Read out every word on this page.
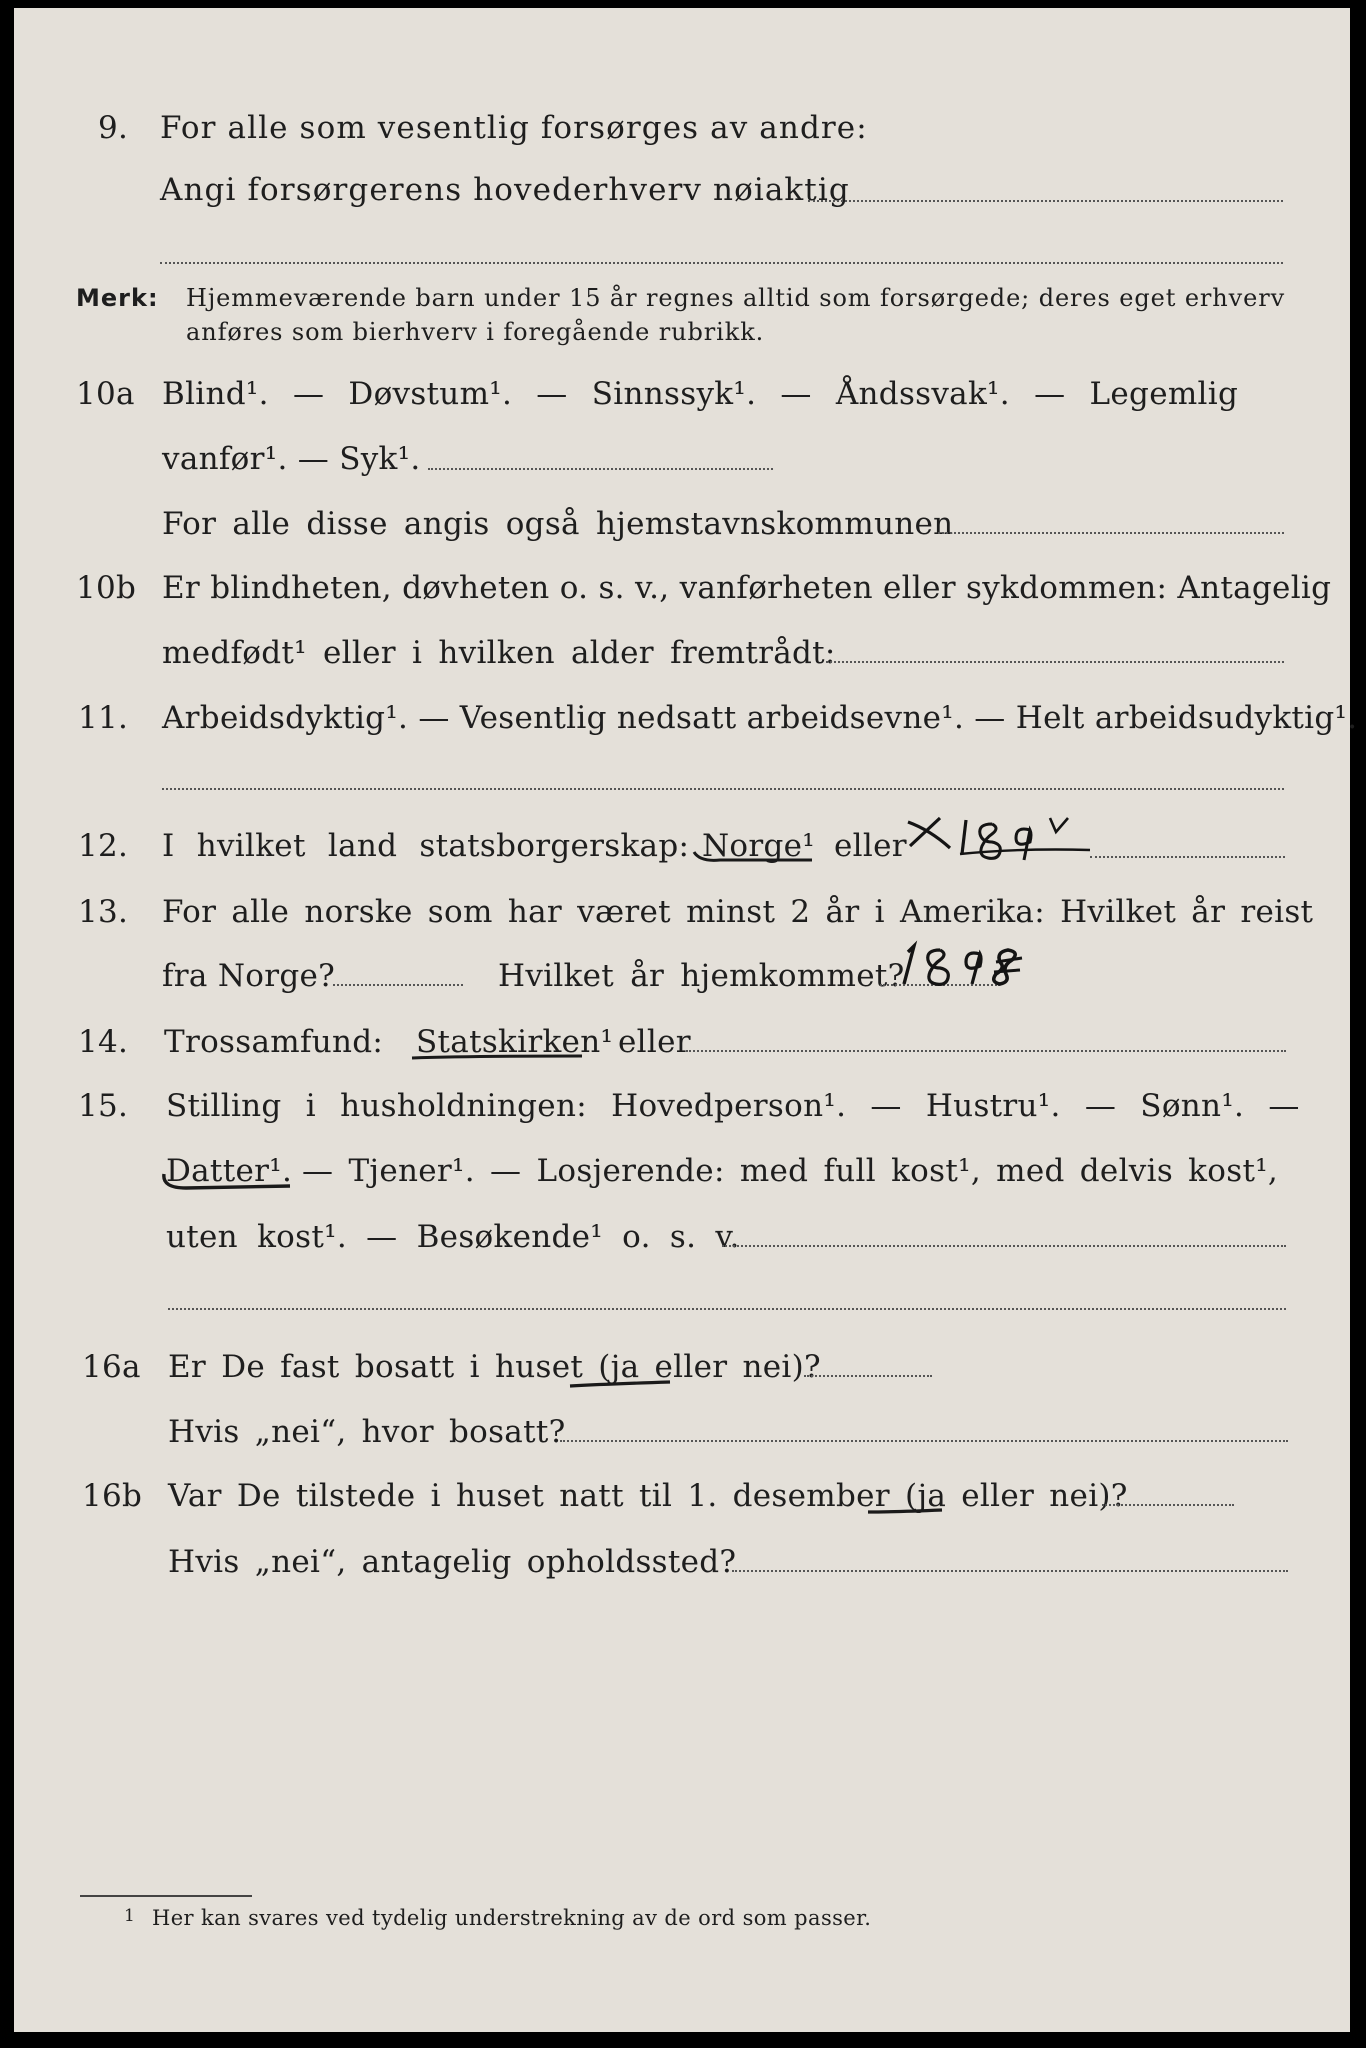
9. For alle som vesentlig forsørges av andre:
Angi forsørgerens hovederhverv nøiaktig
Merk: Hjemmeværende barn under 15 år regnes alltid som forsørgede; deres eget erhverv
anføres som bierhverv i foregående rubrikk.
10a Blind¹. — Døvstum¹. — Sinnssyk¹. — Åndssvak¹. — Legemlig
vanfør¹. — Syk¹.
For alle disse angis også hjemstavnskommunen
10b Er blindheten, døvheten o. s. v., vanførheten eller sykdommen: Antagelig
medfødt¹ eller i hvilken alder fremtrådt:
11. Arbeidsdyktig¹. — Vesentlig nedsatt arbeidsevne¹. — Helt arbeidsudyktig¹.
12. I hvilket land statsborgerskap: Norge¹ eller
13. For alle norske som har været minst 2 år i Amerika: Hvilket år reist
fra Norge?	Hvilket år hjemkommet?
14. Trossamfund: Statskirken¹ eller
15. Stilling i husholdningen: Hovedperson¹. — Hustru¹. — Sønn¹. —
Datter¹. — Tjener¹. — Losjerende: med full kost¹, med delvis kost¹,
uten kost¹. — Besøkende¹ o. s. v.
16a Er De fast bosatt i huset (ja eller nei)?
Hvis „nei“, hvor bosatt?
16b Var De tilstede i huset natt til 1. desember (ja eller nei)?
Hvis „nei“, antagelig opholdssted?
1 Her kan svares ved tydelig understrekning av de ord som passer.
